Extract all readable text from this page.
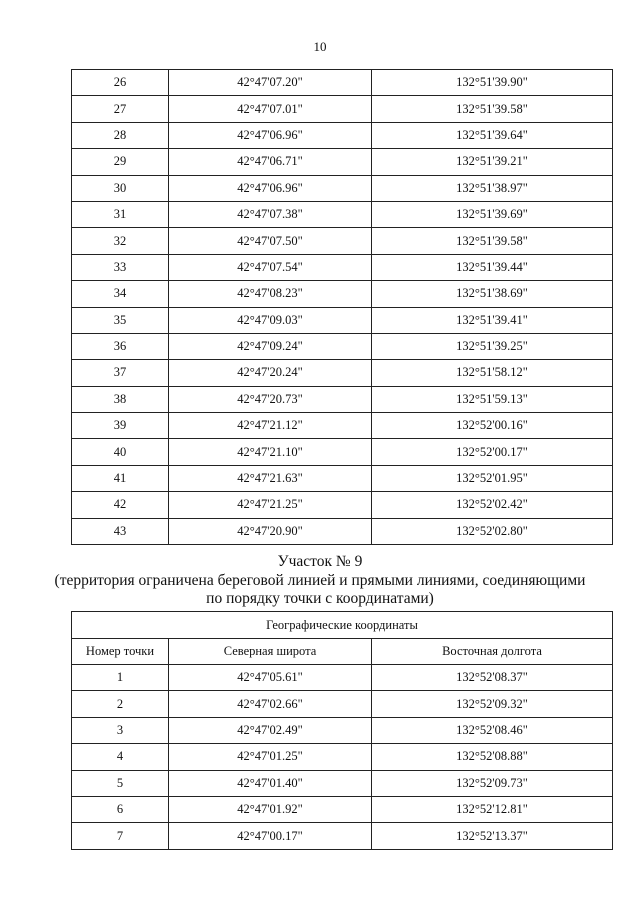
10
26	42°47'07.20"	132°51'39.90"
27	42°47'07.01"	132°51'39.58"
28	42°47'06.96"	132°51'39.64"
29	42°47'06.71"	132°51'39.21"
30	42°47'06.96"	132°51'38.97"
31	42°47'07.38"	132°51'39.69"
32	42°47'07.50"	132°51'39.58"
33	42°47'07.54"	132°51'39.44"
34	42°47'08.23"	132°51'38.69"
35	42°47'09.03"	132°51'39.41"
36	42°47'09.24"	132°51'39.25"
37	42°47'20.24"	132°51'58.12"
38	42°47'20.73"	132°51'59.13"
39	42°47'21.12"	132°52'00.16"
40	42°47'21.10"	132°52'00.17"
41	42°47'21.63"	132°52'01.95"
42	42°47'21.25"	132°52'02.42"
43	42°47'20.90"	132°52'02.80"
Участок № 9
(территория ограничена береговой линией и прямыми линиями, соединяющими
по порядку точки с координатами)
Географические координаты		
Номер точки	Северная широта	Восточная долгота
1	42°47'05.61"	132°52'08.37"
2	42°47'02.66"	132°52'09.32"
3	42°47'02.49"	132°52'08.46"
4	42°47'01.25"	132°52'08.88"
5	42°47'01.40"	132°52'09.73"
6	42°47'01.92"	132°52'12.81"
7	42°47'00.17"	132°52'13.37"
